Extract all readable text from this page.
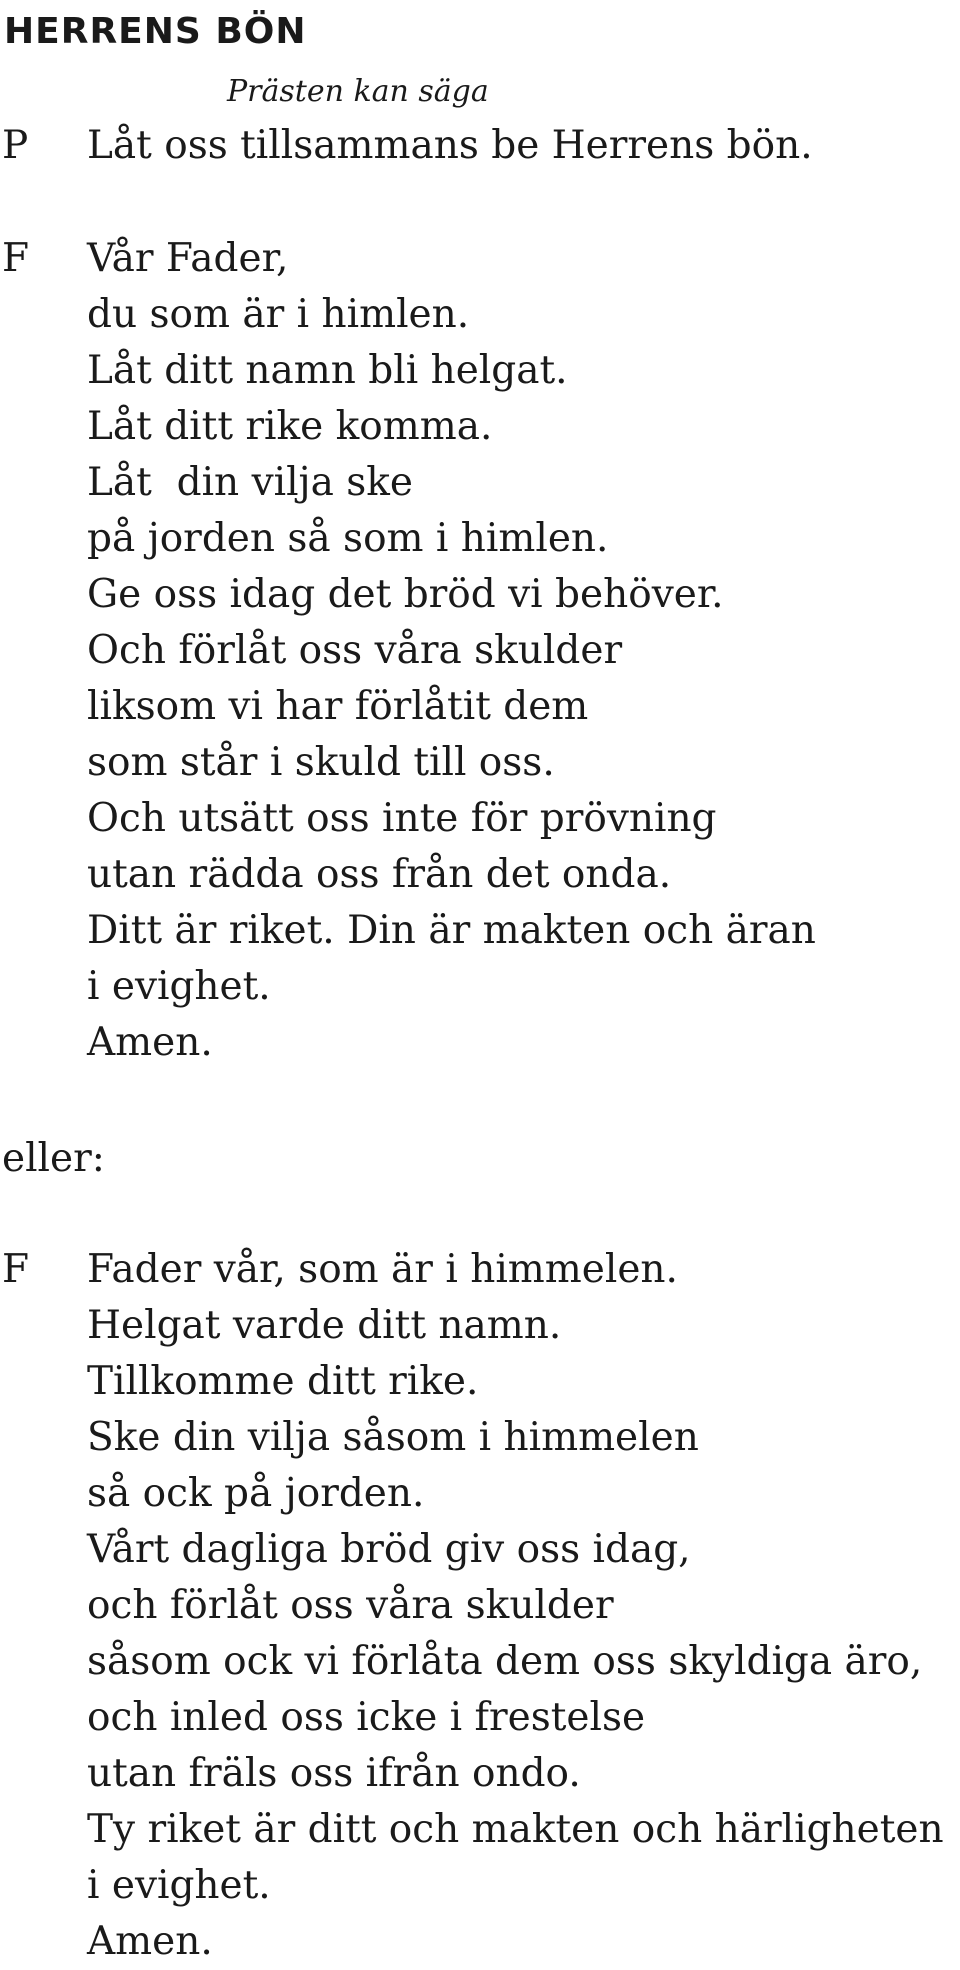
HERRENS BÖN
Prästen kan säga
P Låt oss tillsammans be Herrens bön.
F Vår Fader,
du som är i himlen.
Låt ditt namn bli helgat.
Låt ditt rike komma.
Låt  din vilja ske
på jorden så som i himlen.
Ge oss idag det bröd vi behöver.
Och förlåt oss våra skulder
liksom vi har förlåtit dem
som står i skuld till oss.
Och utsätt oss inte för prövning
utan rädda oss från det onda.
Ditt är riket. Din är makten och äran
i evighet.
Amen.
eller:
F Fader vår, som är i himmelen.
Helgat varde ditt namn.
Tillkomme ditt rike.
Ske din vilja såsom i himmelen
så ock på jorden.
Vårt dagliga bröd giv oss idag,
och förlåt oss våra skulder
såsom ock vi förlåta dem oss skyldiga äro,
och inled oss icke i frestelse
utan fräls oss ifrån ondo.
Ty riket är ditt och makten och härligheten
i evighet.
Amen.
